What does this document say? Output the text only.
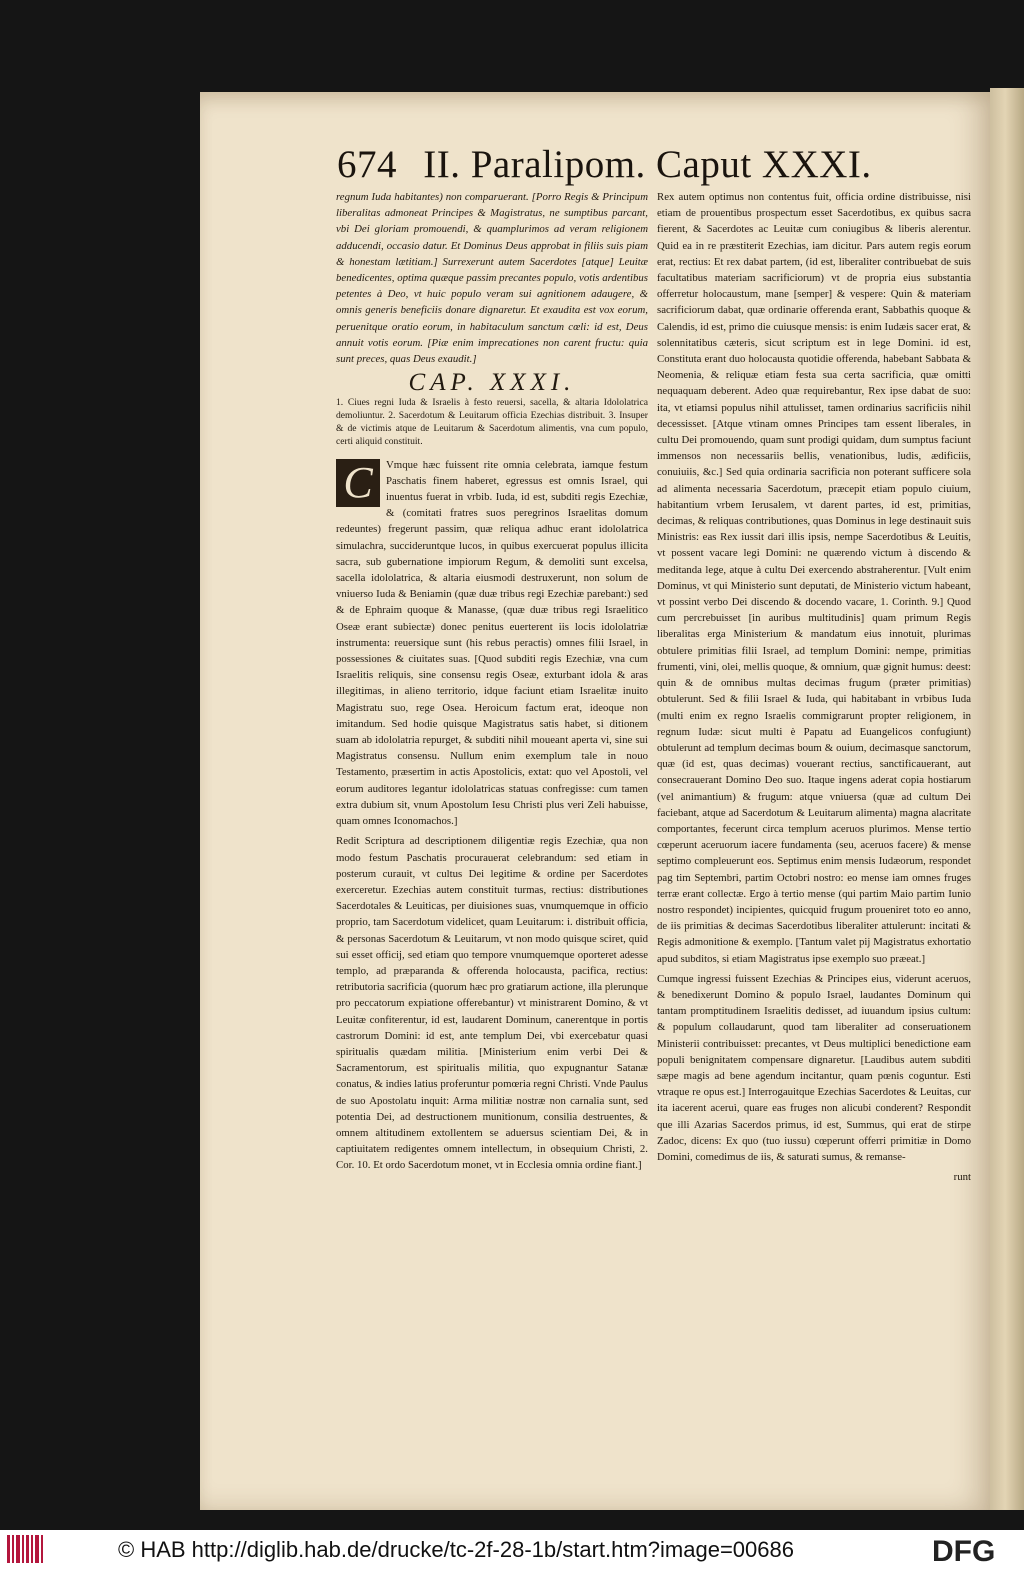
674 II. Paralipom. Caput XXXI.

regnum Iuda habitantes) non comparuerant. [Porro Regis & Principum liberalitas admoneat Principes & Magistratus, ne sumptibus parcant, vbi Dei gloriam promouendi, & quamplurimos ad veram religionem adducendi, occasio datur. Et Dominus Deus approbat in filiis suis piam & honestam lætitiam.] Surrexerunt autem Sacerdotes [atque] Leuitæ benedicentes, optima quæque passim precantes populo, votis ardentibus petentes à Deo, vt huic populo veram sui agnitionem adaugere, & omnis generis beneficiis donare dignaretur. Et exaudita est vox eorum, peruenitque oratio eorum, in habitaculum sanctum cœli: id est, Deus annuit votis eorum. [Piæ enim imprecationes non carent fructu: quia sunt preces, quas Deus exaudit.]

CAP. XXXI.
1. Ciues regni Iuda & Israelis à festo reuersi, sacella, & altaria Idololatrica demoliuntur. 2. Sacerdotum & Leuitarum officia Ezechias distribuit. 3. Insuper & de victimis atque de Leuitarum & Sacerdotum alimentis, vna cum populo, certi aliquid constituit.

C	Vmque hæc fuissent rite omnia celebrata, iamque festum Paschatis finem haberet, egressus est omnis Israel, qui inuentus fuerat in vrbib. Iuda, id est, subditi regis Ezechiæ, & (comitati fratres suos peregrinos Israelitas domum redeuntes) fregerunt passim, quæ reliqua adhuc erant idololatrica simulachra, succideruntque lucos, in quibus exercuerat populus illicita sacra, sub gubernatione impiorum Regum, & demoliti sunt excelsa, sacella idololatrica, & altaria eiusmodi destruxerunt, non solum de vniuerso Iuda & Beniamin (quæ duæ tribus regi Ezechiæ parebant:) sed & de Ephraim quoque & Manasse, (quæ duæ tribus regi Israelitico Oseæ erant subiectæ) donec penitus euerterent iis locis idololatriæ instrumenta: reuersique sunt (his rebus peractis) omnes filii Israel, in possessiones & ciuitates suas. [Quod subditi regis Ezechiæ, vna cum Israelitis reliquis, sine consensu regis Oseæ, exturbant idola & aras illegitimas, in alieno territorio, idque faciunt etiam Israelitæ inuito Magistratu suo, rege Osea. Heroicum factum erat, ideoque non imitandum. Sed hodie quisque Magistratus satis habet, si ditionem suam ab idololatria repurget, & subditi nihil moueant aperta vi, sine sui Magistratus consensu. Nullum enim exemplum tale in nouo Testamento, præsertim in actis Apostolicis, extat: quo vel Apostoli, vel eorum auditores legantur idololatricas statuas confregisse: cum tamen extra dubium sit, vnum Apostolum Iesu Christi plus veri Zeli habuisse, quam omnes Iconomachos.]

Redit Scriptura ad descriptionem diligentiæ regis Ezechiæ, qua non modo festum Paschatis procurauerat celebrandum: sed etiam in posterum curauit, vt cultus Dei legitime & ordine per Sacerdotes exerceretur. Ezechias autem constituit turmas, rectius: distributiones Sacerdotales & Leuiticas, per diuisiones suas, vnumquemque in officio proprio, tam Sacerdotum videlicet, quam Leuitarum: i. distribuit officia, & personas Sacerdotum & Leuitarum, vt non modo quisque sciret, quid sui esset officij, sed etiam quo tempore vnumquemque oporteret adesse templo, ad præparanda & offerenda holocausta, pacifica, rectius: retributoria sacrificia (quorum hæc pro gratiarum actione, illa plerunque pro peccatorum expiatione offerebantur) vt ministrarent Domino, & vt Leuitæ confiterentur, id est, laudarent Dominum, canerentque in portis castrorum Domini: id est, ante templum Dei, vbi exercebatur quasi spiritualis quædam militia. [Ministerium enim verbi Dei & Sacramentorum, est spiritualis militia, quo expugnantur Satanæ conatus, & indies latius proferuntur pomœria regni Christi. Vnde Paulus de suo Apostolatu inquit: Arma militiæ nostræ non carnalia sunt, sed potentia Dei, ad destructionem munitionum, consilia destruentes, & omnem altitudinem extollentem se aduersus scientiam Dei, & in captiuitatem redigentes omnem intellectum, in obsequium Christi, 2. Cor. 10. Et ordo Sacerdotum monet, vt in Ecclesia omnia ordine fiant.]

Rex autem optimus non contentus fuit, officia ordine distribuisse, nisi etiam de prouentibus prospectum esset Sacerdotibus, ex quibus sacra fierent, & Sacerdotes ac Leuitæ cum coniugibus & liberis alerentur. Quid ea in re præstiterit Ezechias, iam dicitur. Pars autem regis eorum erat, rectius: Et rex dabat partem, (id est, liberaliter contribuebat de suis facultatibus materiam sacrificiorum) vt de propria eius substantia offerretur holocaustum, mane [semper] & vespere: Quin & materiam sacrificiorum dabat, quæ ordinarie offerenda erant, Sabbathis quoque & Calendis, id est, primo die cuiusque mensis: is enim Iudæis sacer erat, & solennitatibus cæteris, sicut scriptum est in lege Domini. id est, Constituta erant duo holocausta quotidie offerenda, habebant Sabbata & Neomenia, & reliquæ etiam festa sua certa sacrificia, quæ omitti nequaquam deberent. Adeo quæ requirebantur, Rex ipse dabat de suo: ita, vt etiamsi populus nihil attulisset, tamen ordinarius sacrificiis nihil decessisset. [Atque vtinam omnes Principes tam essent liberales, in cultu Dei promouendo, quam sunt prodigi quidam, dum sumptus faciunt immensos non necessariis bellis, venationibus, ludis, ædificiis, conuiuiis, &c.] Sed quia ordinaria sacrificia non poterant sufficere sola ad alimenta necessaria Sacerdotum, præcepit etiam populo ciuium, habitantium vrbem Ierusalem, vt darent partes, id est, primitias, decimas, & reliquas contributiones, quas Dominus in lege destinauit suis Ministris: eas Rex iussit dari illis ipsis, nempe Sacerdotibus & Leuitis, vt possent vacare legi Domini: ne quærendo victum à discendo & meditanda lege, atque à cultu Dei exercendo abstraherentur. [Vult enim Dominus, vt qui Ministerio sunt deputati, de Ministerio victum habeant, vt possint verbo Dei discendo & docendo vacare, 1. Corinth. 9.] Quod cum percrebuisset [in auribus multitudinis] quam primum Regis liberalitas erga Ministerium & mandatum eius innotuit, plurimas obtulere primitias filii Israel, ad templum Domini: nempe, primitias frumenti, vini, olei, mellis quoque, & omnium, quæ gignit humus: deest: quin & de omnibus multas decimas frugum (præter primitias) obtulerunt. Sed & filii Israel & Iuda, qui habitabant in vrbibus Iuda (multi enim ex regno Israelis commigrarunt propter religionem, in regnum Iudæ: sicut multi è Papatu ad Euangelicos confugiunt) obtulerunt ad templum decimas boum & ouium, decimasque sanctorum, quæ (id est, quas decimas) vouerant rectius, sanctificauerant, aut consecrauerant Domino Deo suo. Itaque ingens aderat copia hostiarum (vel animantium) & frugum: atque vniuersa (quæ ad cultum Dei faciebant, atque ad Sacerdotum & Leuitarum alimenta) magna alacritate comportantes, fecerunt circa templum aceruos plurimos. Mense tertio cœperunt aceruorum iacere fundamenta (seu, aceruos facere) & mense septimo compleuerunt eos. Septimus enim mensis Iudæorum, respondet pag tim Septembri, partim Octobri nostro: eo mense iam omnes fruges terræ erant collectæ. Ergo à tertio mense (qui partim Maio partim Iunio nostro respondet) incipientes, quicquid frugum proueniret toto eo anno, de iis primitias & decimas Sacerdotibus liberaliter attulerunt: incitati & Regis admonitione & exemplo. [Tantum valet pij Magistratus exhortatio apud subditos, si etiam Magistratus ipse exemplo suo præeat.]

Cumque ingressi fuissent Ezechias & Principes eius, viderunt aceruos, & benedixerunt Domino & populo Israel, laudantes Dominum qui tantam promptitudinem Israelitis dedisset, ad iuuandum ipsius cultum: & populum collaudarunt, quod tam liberaliter ad conseruationem Ministerii contribuisset: precantes, vt Deus multiplici benedictione eam populi benignitatem compensare dignaretur. [Laudibus autem subditi sæpe magis ad bene agendum incitantur, quam pœnis coguntur. Esti vtraque re opus est.] Interrogauitque Ezechias Sacerdotes & Leuitas, cur ita iacerent aceruì, quare eas fruges non alicubi conderent? Respondit que illi Azarias Sacerdos primus, id est, Summus, qui erat de stirpe Zadoc, dicens: Ex quo (tuo iussu) cœperunt offerri primitiæ in Domo Domini, comedimus de iis, & saturati sumus, & remanse-

runt
© HAB http://diglib.hab.de/drucke/tc-2f-28-1b/start.htm?image=00686	DFG
